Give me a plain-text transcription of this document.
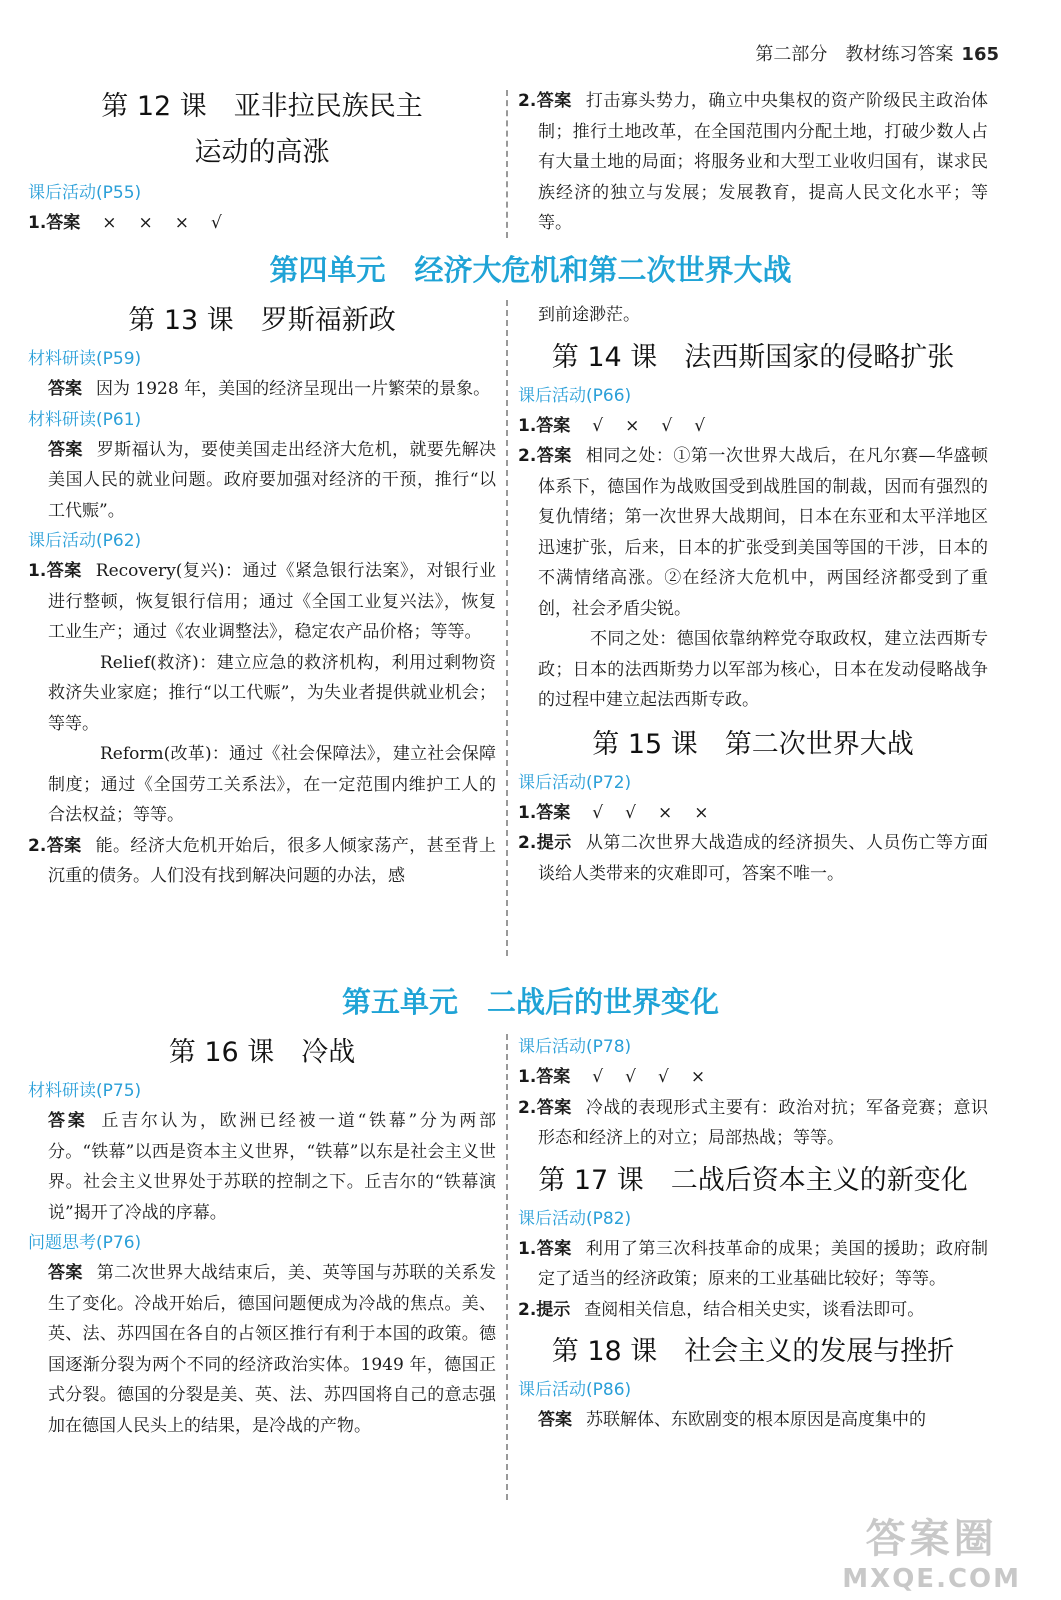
第二部分　教材练习答案 165
第 12 课　亚非拉民族民主
运动的高涨
课后活动(P55)
1.答案 × × × √
2.答案 打击寡头势力，确立中央集权的资产阶级民主政治体制；推行土地改革，在全国范围内分配土地，打破少数人占有大量土地的局面；将服务业和大型工业收归国有，谋求民族经济的独立与发展；发展教育，提高人民文化水平；等等。
第四单元　经济大危机和第二次世界大战
第 13 课　罗斯福新政
材料研读(P59)
答案 因为 1928 年，美国的经济呈现出一片繁荣的景象。
材料研读(P61)
答案 罗斯福认为，要使美国走出经济大危机，就要先解决美国人民的就业问题。政府要加强对经济的干预，推行“以工代赈”。
课后活动(P62)
1.答案 Recovery(复兴)：通过《紧急银行法案》，对银行业进行整顿，恢复银行信用；通过《全国工业复兴法》，恢复工业生产；通过《农业调整法》，稳定农产品价格；等等。
Relief(救济)：建立应急的救济机构，利用过剩物资救济失业家庭；推行“以工代赈”，为失业者提供就业机会；等等。
Reform(改革)：通过《社会保障法》，建立社会保障制度；通过《全国劳工关系法》，在一定范围内维护工人的合法权益；等等。
2.答案 能。经济大危机开始后，很多人倾家荡产，甚至背上沉重的债务。人们没有找到解决问题的办法，感
到前途渺茫。
第 14 课　法西斯国家的侵略扩张
课后活动(P66)
1.答案 √ × √ √
2.答案 相同之处：①第一次世界大战后，在凡尔赛—华盛顿体系下，德国作为战败国受到战胜国的制裁，因而有强烈的复仇情绪；第一次世界大战期间，日本在东亚和太平洋地区迅速扩张，后来，日本的扩张受到美国等国的干涉，日本的不满情绪高涨。②在经济大危机中，两国经济都受到了重创，社会矛盾尖锐。
不同之处：德国依靠纳粹党夺取政权，建立法西斯专政；日本的法西斯势力以军部为核心，日本在发动侵略战争的过程中建立起法西斯专政。
第 15 课　第二次世界大战
课后活动(P72)
1.答案 √ √ × ×
2.提示 从第二次世界大战造成的经济损失、人员伤亡等方面谈给人类带来的灾难即可，答案不唯一。
第五单元　二战后的世界变化
第 16 课　冷战
材料研读(P75)
答案 丘吉尔认为，欧洲已经被一道“铁幕”分为两部分。“铁幕”以西是资本主义世界，“铁幕”以东是社会主义世界。社会主义世界处于苏联的控制之下。丘吉尔的“铁幕演说”揭开了冷战的序幕。
问题思考(P76)
答案 第二次世界大战结束后，美、英等国与苏联的关系发生了变化。冷战开始后，德国问题便成为冷战的焦点。美、英、法、苏四国在各自的占领区推行有利于本国的政策。德国逐渐分裂为两个不同的经济政治实体。1949 年，德国正式分裂。德国的分裂是美、英、法、苏四国将自己的意志强加在德国人民头上的结果，是冷战的产物。
课后活动(P78)
1.答案 √ √ √ ×
2.答案 冷战的表现形式主要有：政治对抗；军备竞赛；意识形态和经济上的对立；局部热战；等等。
第 17 课　二战后资本主义的新变化
课后活动(P82)
1.答案 利用了第三次科技革命的成果；美国的援助；政府制定了适当的经济政策；原来的工业基础比较好；等等。
2.提示 查阅相关信息，结合相关史实，谈看法即可。
第 18 课　社会主义的发展与挫折
课后活动(P86)
答案 苏联解体、东欧剧变的根本原因是高度集中的
答案圈
MXQE.COM
